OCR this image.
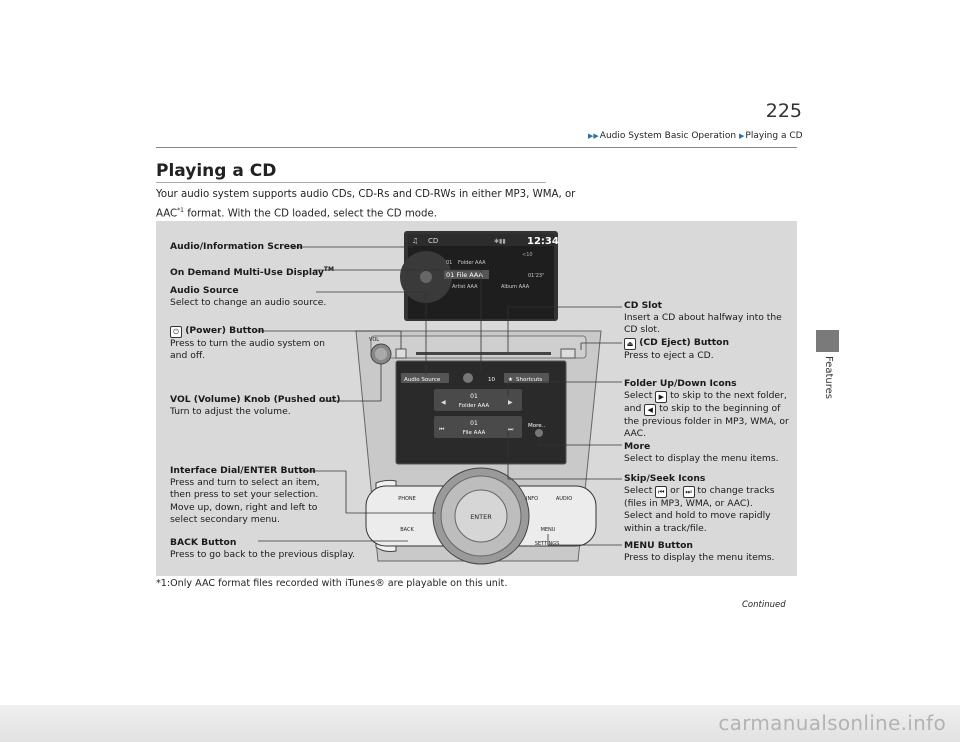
▶▶Audio System Basic Operation ▶Playing a CD
225
Features
Playing a CD
Your audio system supports audio CDs, CD-Rs and CD-RWs in either MP3, WMA, or AAC$^{*1}$ format. With the CD loaded, select the CD mode.
♫ CD	12:34
✱▮▮
01 Folder AAA
<10
01 File AAA	01'23"
Artist AAA	Album AAA
VOL
Audio Source	10 ★ Shortcuts
01
Folder AAA
◀	▶
01
File AAA
⏮	⏭	More..
ENTER
PHONE
BACK
INFO	AUDIO
MENU
SETTINGS
Audio/Information Screen
On Demand Multi-Use Display™
Audio Source
Select to change an audio source.
⏻ (Power) Button
Press to turn the audio system on and off.
VOL (Volume) Knob (Pushed out)
Turn to adjust the volume.
Interface Dial/ENTER Button
Press and turn to select an item, then press to set your selection.
Move up, down, right and left to select secondary menu.
BACK Button
Press to go back to the previous display.
CD Slot
Insert a CD about halfway into the CD slot.
⏏ (CD Eject) Button
Press to eject a CD.
Folder Up/Down Icons
Select ▶ to skip to the next folder, and ◀ to skip to the beginning of the previous folder in MP3, WMA, or AAC.
More
Select to display the menu items.
Skip/Seek Icons
Select ⏮ or ⏭ to change tracks (files in MP3, WMA, or AAC).
Select and hold to move rapidly within a track/file.
MENU Button
Press to display the menu items.
*1:Only AAC format files recorded with iTunes® are playable on this unit.
Continued
carmanualsonline.info
